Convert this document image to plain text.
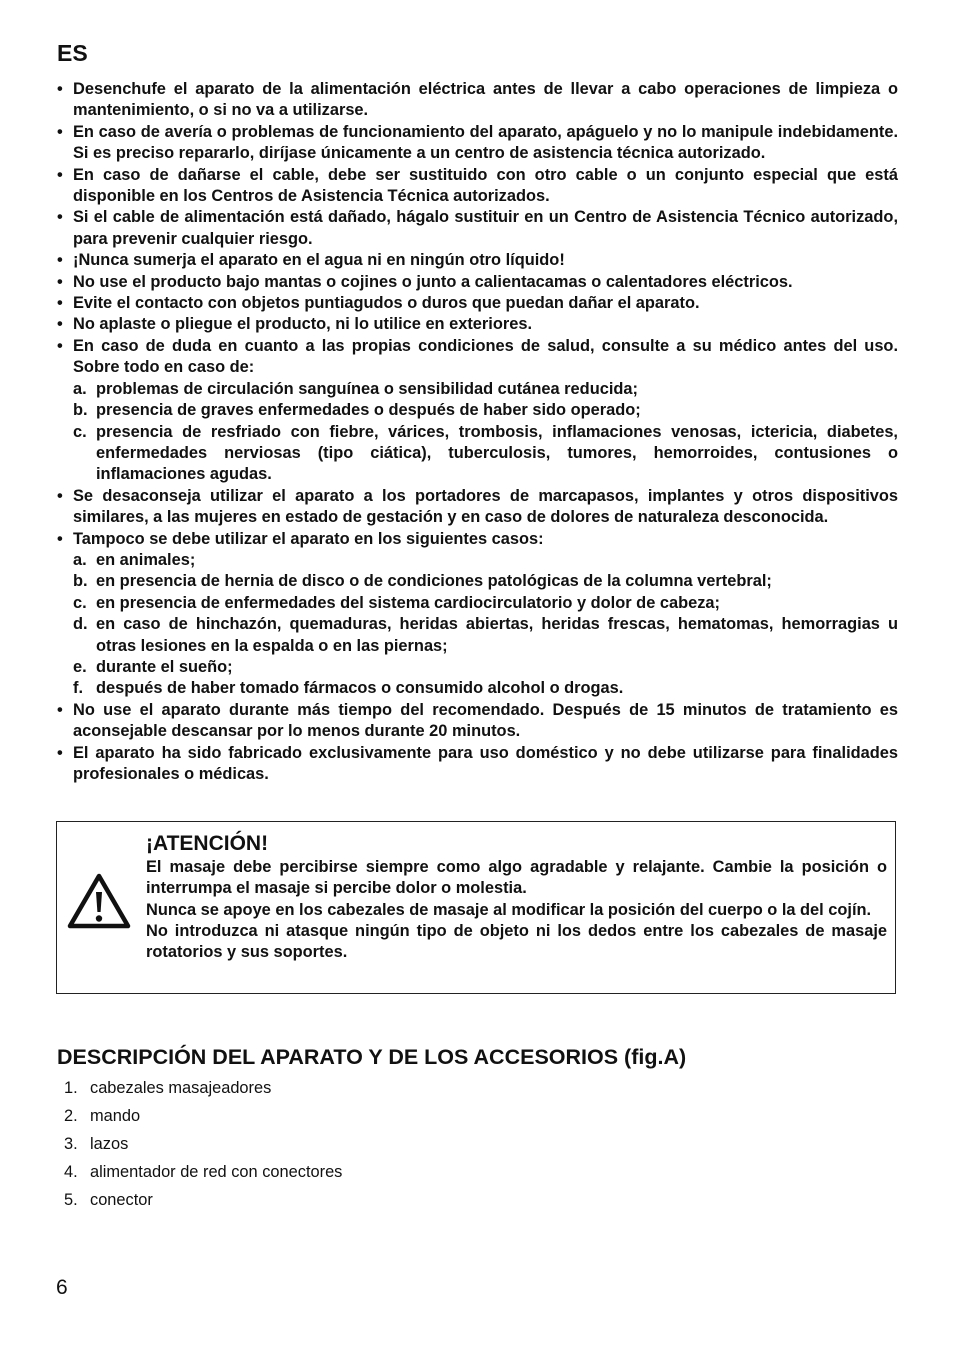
ES
• Desenchufe el aparato de la alimentación eléctrica antes de llevar a cabo operaciones de limpieza o mantenimiento, o si no va a utilizarse.
• En caso de avería o problemas de funcionamiento del aparato, apáguelo y no lo manipule indebidamente. Si es preciso repararlo, diríjase únicamente a un centro de asistencia técnica autorizado.
• En caso de dañarse el cable, debe ser sustituido con otro cable o un conjunto especial que está disponible en los Centros de Asistencia Técnica autorizados.
• Si el cable de alimentación está dañado, hágalo sustituir en un Centro de Asistencia Técnico autorizado, para prevenir cualquier riesgo.
• ¡Nunca sumerja el aparato en el agua ni en ningún otro líquido!
• No use el producto bajo mantas o cojines o junto a calientacamas o calentadores eléctricos.
• Evite el contacto con objetos puntiagudos o duros que puedan dañar el aparato.
• No aplaste o pliegue el producto, ni lo utilice en exteriores.
• En caso de duda en cuanto a las propias condiciones de salud, consulte a su médico antes del uso. Sobre todo en caso de:
a. problemas de circulación sanguínea o sensibilidad cutánea reducida;
b. presencia de graves enfermedades o después de haber sido operado;
c. presencia de resfriado con fiebre, várices, trombosis, inflamaciones venosas, ictericia, diabetes, enfermedades nerviosas (tipo ciática), tuberculosis, tumores, hemorroides, contusiones o inflamaciones agudas.
• Se desaconseja utilizar el aparato a los portadores de marcapasos, implantes y otros dispositivos similares, a las mujeres en estado de gestación y en caso de dolores de naturaleza desconocida.
• Tampoco se debe utilizar el aparato en los siguientes casos:
a. en animales;
b. en presencia de hernia de disco o de condiciones patológicas de la columna vertebral;
c. en presencia de enfermedades del sistema cardiocirculatorio y dolor de cabeza;
d. en caso de hinchazón, quemaduras, heridas abiertas, heridas frescas, hematomas, hemorragias u otras lesiones en la espalda o en las piernas;
e. durante el sueño;
f. después de haber tomado fármacos o consumido alcohol o drogas.
• No use el aparato durante más tiempo del recomendado. Después de 15 minutos de tratamiento es aconsejable descansar por lo menos durante 20 minutos.
• El aparato ha sido fabricado exclusivamente para uso doméstico y no debe utilizarse para finalidades profesionales o médicas.
¡ATENCIÓN!

El masaje debe percibirse siempre como algo agradable y relajante. Cambie la posición o interrumpa el masaje si percibe dolor o molestia.

Nunca se apoye en los cabezales de masaje al modificar la posición del cuerpo o la del cojín.

No introduzca ni atasque ningún tipo de objeto ni los dedos entre los cabezales de masaje rotatorios y sus soportes.

DESCRIPCIÓN DEL APARATO Y DE LOS ACCESORIOS (fig.A)
1. cabezales masajeadores
2. mando
3. lazos
4. alimentador de red con conectores
5. conector
6
